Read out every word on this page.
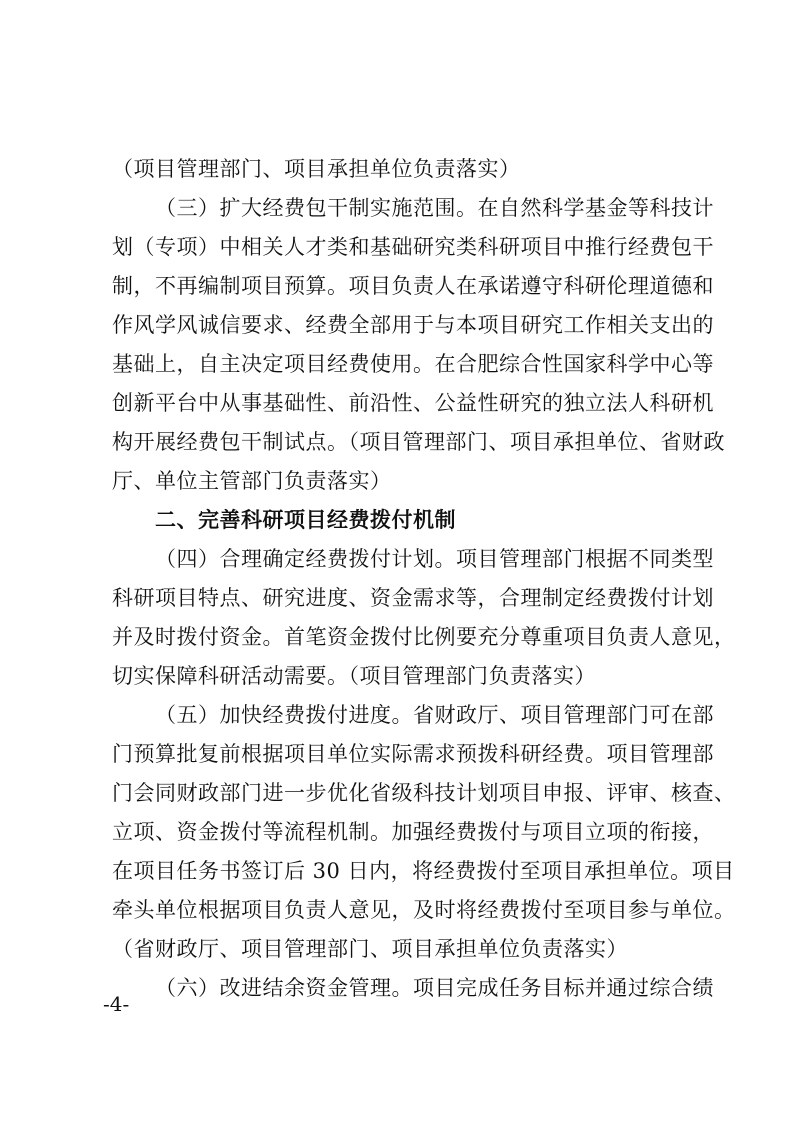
（项目管理部门、项目承担单位负责落实）
（三）扩大经费包干制实施范围。在自然科学基金等科技计
划（专项）中相关人才类和基础研究类科研项目中推行经费包干
制，不再编制项目预算。项目负责人在承诺遵守科研伦理道德和
作风学风诚信要求、经费全部用于与本项目研究工作相关支出的
基础上，自主决定项目经费使用。在合肥综合性国家科学中心等
创新平台中从事基础性、前沿性、公益性研究的独立法人科研机
构开展经费包干制试点。（项目管理部门、项目承担单位、省财政
厅、单位主管部门负责落实）
二、完善科研项目经费拨付机制
（四）合理确定经费拨付计划。项目管理部门根据不同类型
科研项目特点、研究进度、资金需求等，合理制定经费拨付计划
并及时拨付资金。首笔资金拨付比例要充分尊重项目负责人意见，
切实保障科研活动需要。（项目管理部门负责落实）
（五）加快经费拨付进度。省财政厅、项目管理部门可在部
门预算批复前根据项目单位实际需求预拨科研经费。项目管理部
门会同财政部门进一步优化省级科技计划项目申报、评审、核查、
立项、资金拨付等流程机制。加强经费拨付与项目立项的衔接，
在项目任务书签订后 30 日内，将经费拨付至项目承担单位。项目
牵头单位根据项目负责人意见，及时将经费拨付至项目参与单位。
（省财政厅、项目管理部门、项目承担单位负责落实）
（六）改进结余资金管理。项目完成任务目标并通过综合绩
-4-
